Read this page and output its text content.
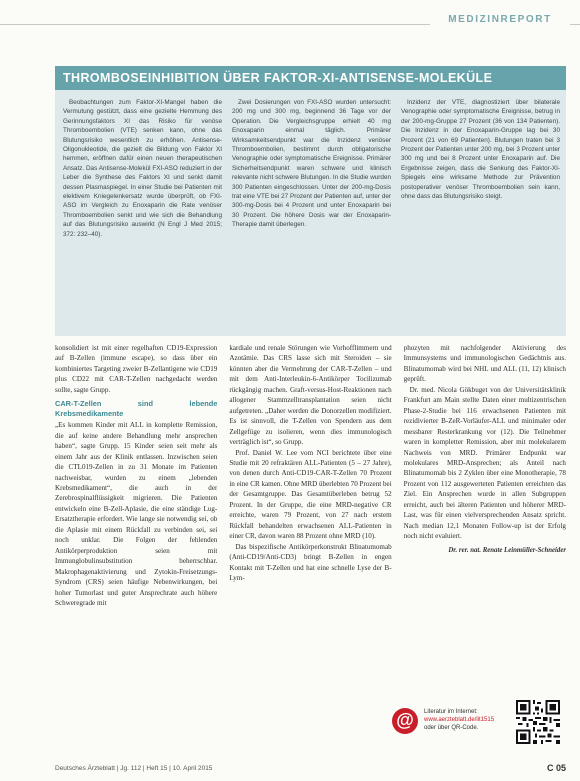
MEDIZINREPORT
THROMBOSEINHIBITION ÜBER FAKTOR-XI-ANTISENSE-MOLEKÜLE

Beobachtungen zum Faktor-XI-Mangel haben die Vermutung gestützt, dass eine gezielte Hemmung des Gerinnungsfaktors XI das Risiko für venöse Thromboembolien (VTE) senken kann, ohne das Blutungsrisiko wesentlich zu erhöhen. Antisense-Oligonukleotide, die gezielt die Bildung von Faktor XI hemmen, eröffnen dafür einen neuen therapeutischen Ansatz. Das Antisense-Molekül FXI-ASO reduziert in der Leber die Synthese des Faktors XI und senkt damit dessen Plasmaspiegel. In einer Studie bei Patienten mit elektivem Kniegelenkersatz wurde überprüft, ob FXI-ASO im Vergleich zu Enoxaparin die Rate venöser Thromboembolien senkt und wie sich die Behandlung auf das Blutungsrisiko auswirkt (N Engl J Med 2015; 372: 232–40).

Zwei Dosierungen von FXI-ASO wurden untersucht: 200 mg und 300 mg, beginnend 36 Tage vor der Operation. Die Vergleichsgruppe erhielt 40 mg Enoxaparin einmal täglich. Primärer Wirksamkeitsendpunkt war die Inzidenz venöser Thromboembolien, bestimmt durch obligatorische Venographie oder symptomatische Ereignisse. Primärer Sicherheitsendpunkt waren schwere und klinisch relevante nicht schwere Blutungen. In die Studie wurden 300 Patienten eingeschlossen. Unter der 200-mg-Dosis trat eine VTE bei 27 Prozent der Patienten auf, unter der 300-mg-Dosis bei 4 Prozent und unter Enoxaparin bei 30 Prozent. Die höhere Dosis war der Enoxaparin-Therapie damit überlegen.

Inzidenz der VTE, diagnostiziert über bilaterale Venographie oder symptomatische Ereignisse, betrug in der 200-mg-Gruppe 27 Prozent (36 von 134 Patienten). Die Inzidenz in der Enoxaparin-Gruppe lag bei 30 Prozent (21 von 69 Patienten). Blutungen traten bei 3 Prozent der Patienten unter 200 mg, bei 3 Prozent unter 300 mg und bei 8 Prozent unter Enoxaparin auf. Die Ergebnisse zeigen, dass die Senkung des Faktor-XI-Spiegels eine wirksame Methode zur Prävention postoperativer venöser Thromboembolien sein kann, ohne dass das Blutungsrisiko steigt.

konsolidiert ist mit einer regelhaften CD19-Expression auf B-Zellen (immune escape), so dass über ein kombiniertes Targeting zweier B-Zellantigene wie CD19 plus CD22 mit CAR-T-Zellen nachgedacht werden sollte, sagte Grupp.

CAR-T-Zellen sind lebende Krebsmedikamente

„Es kommen Kinder mit ALL in komplette Remission, die auf keine andere Behandlung mehr ansprechen haben“, sagte Grupp. 15 Kinder seien seit mehr als einem Jahr aus der Klinik entlassen. Inzwischen seien die CTL019-Zellen in zu 31 Monate im Patienten nachweisbar, wurden zu einem „lebenden Krebsmedikament“, die auch in der Zerebrospinalflüssigkeit migrieren. Die Patienten entwickeln eine B-Zell-Aplasie, die eine ständige Lug-Ersatztherapie erfordert. Wie lange sie notwendig sei, ob die Aplasie mit einem Rückfall zu verbinden sei, sei noch unklar. Die Folgen der fehlenden Antikörperproduktion seien mit Immunglobulinsubstitution beherrschbar. Makrophagenaktivierung und Zytokin-Freisetzungs-Syndrom (CRS) seien häufige Nebenwirkungen, bei hoher Tumorlast und guter Ansprechrate auch höhere Schweregrade mit

kardiale und renale Störungen wie Vorhofflimmern und Azotämie. Das CRS lasse sich mit Steroiden – sie könnten aber die Vermehrung der CAR-T-Zellen – und mit dem Anti-Interleukin-6-Antikörper Tocilizumab rückgängig machen. Graft-versus-Host-Reaktionen nach allogener Stammzelltransplantation seien nicht aufgetreten. „Daher werden die Donorzellen modifiziert. Es ist sinnvoll, die T-Zellen von Spendern aus dem Zellgefüge zu isolieren, wenn dies immunologisch verträglich ist“, so Grupp.

Prof. Daniel W. Lee vom NCI berichtete über eine Studie mit 20 refraktären ALL-Patienten (5 – 27 Jahre), von denen durch Anti-CD19-CAR-T-Zellen 70 Prozent in eine CR kamen. Ohne MRD überlebten 70 Prozent bei der Gesamtgruppe. Das Gesamtüberleben betrug 52 Prozent. In der Gruppe, die eine MRD-negative CR erreichte, waren 79 Prozent, von 27 nach erstem Rückfall behandelten erwachsenen ALL-Patienten in einer CR, davon waren 88 Prozent ohne MRD (10).

Das bispezifische Antikörperkonstrukt Blinatumomab (Anti-CD19/Anti-CD3) bringt B-Zellen in engen Kontakt mit T-Zellen und hat eine schnelle Lyse der B-Lym-

phozyten mit nachfolgender Aktivierung des Immunsystems und immunologischen Gedächtnis aus. Blinatumomab wird bei NHL und ALL (11, 12) klinisch geprüft.

Dr. med. Nicola Gökbuget von der Universitätsklinik Frankfurt am Main stellte Daten einer multizentrischen Phase-2-Studie bei 116 erwachsenen Patienten mit rezidivierter B-ZeR-Vorläufer-ALL und minimaler oder messbarer Resterkrankung vor (12). Die Teilnehmer waren in kompletter Remission, aber mit molekularem Nachweis von MRD. Primärer Endpunkt war molekulares MRD-Ansprechen; als Anteil nach Blinatumomab bis 2 Zyklen über eine Monotherapie, 78 Prozent von 112 ausgewerteten Patienten erreichten das Ziel. Ein Ansprechen wurde in allen Subgruppen erreicht, auch bei älteren Patienten und höherer MRD-Last, was für einen vielversprechenden Ansatz spricht. Nach median 12,1 Monaten Follow-up ist der Erfolg noch nicht evaluiert.

Dr. rer. nat. Renate Leinmüller-Schneider
@	Literatur im Internet:
www.aerzteblatt.de/lit1515
oder über QR-Code.
Deutsches Ärzteblatt | Jg. 112 | Heft 15 | 10. April 2015	C 05
